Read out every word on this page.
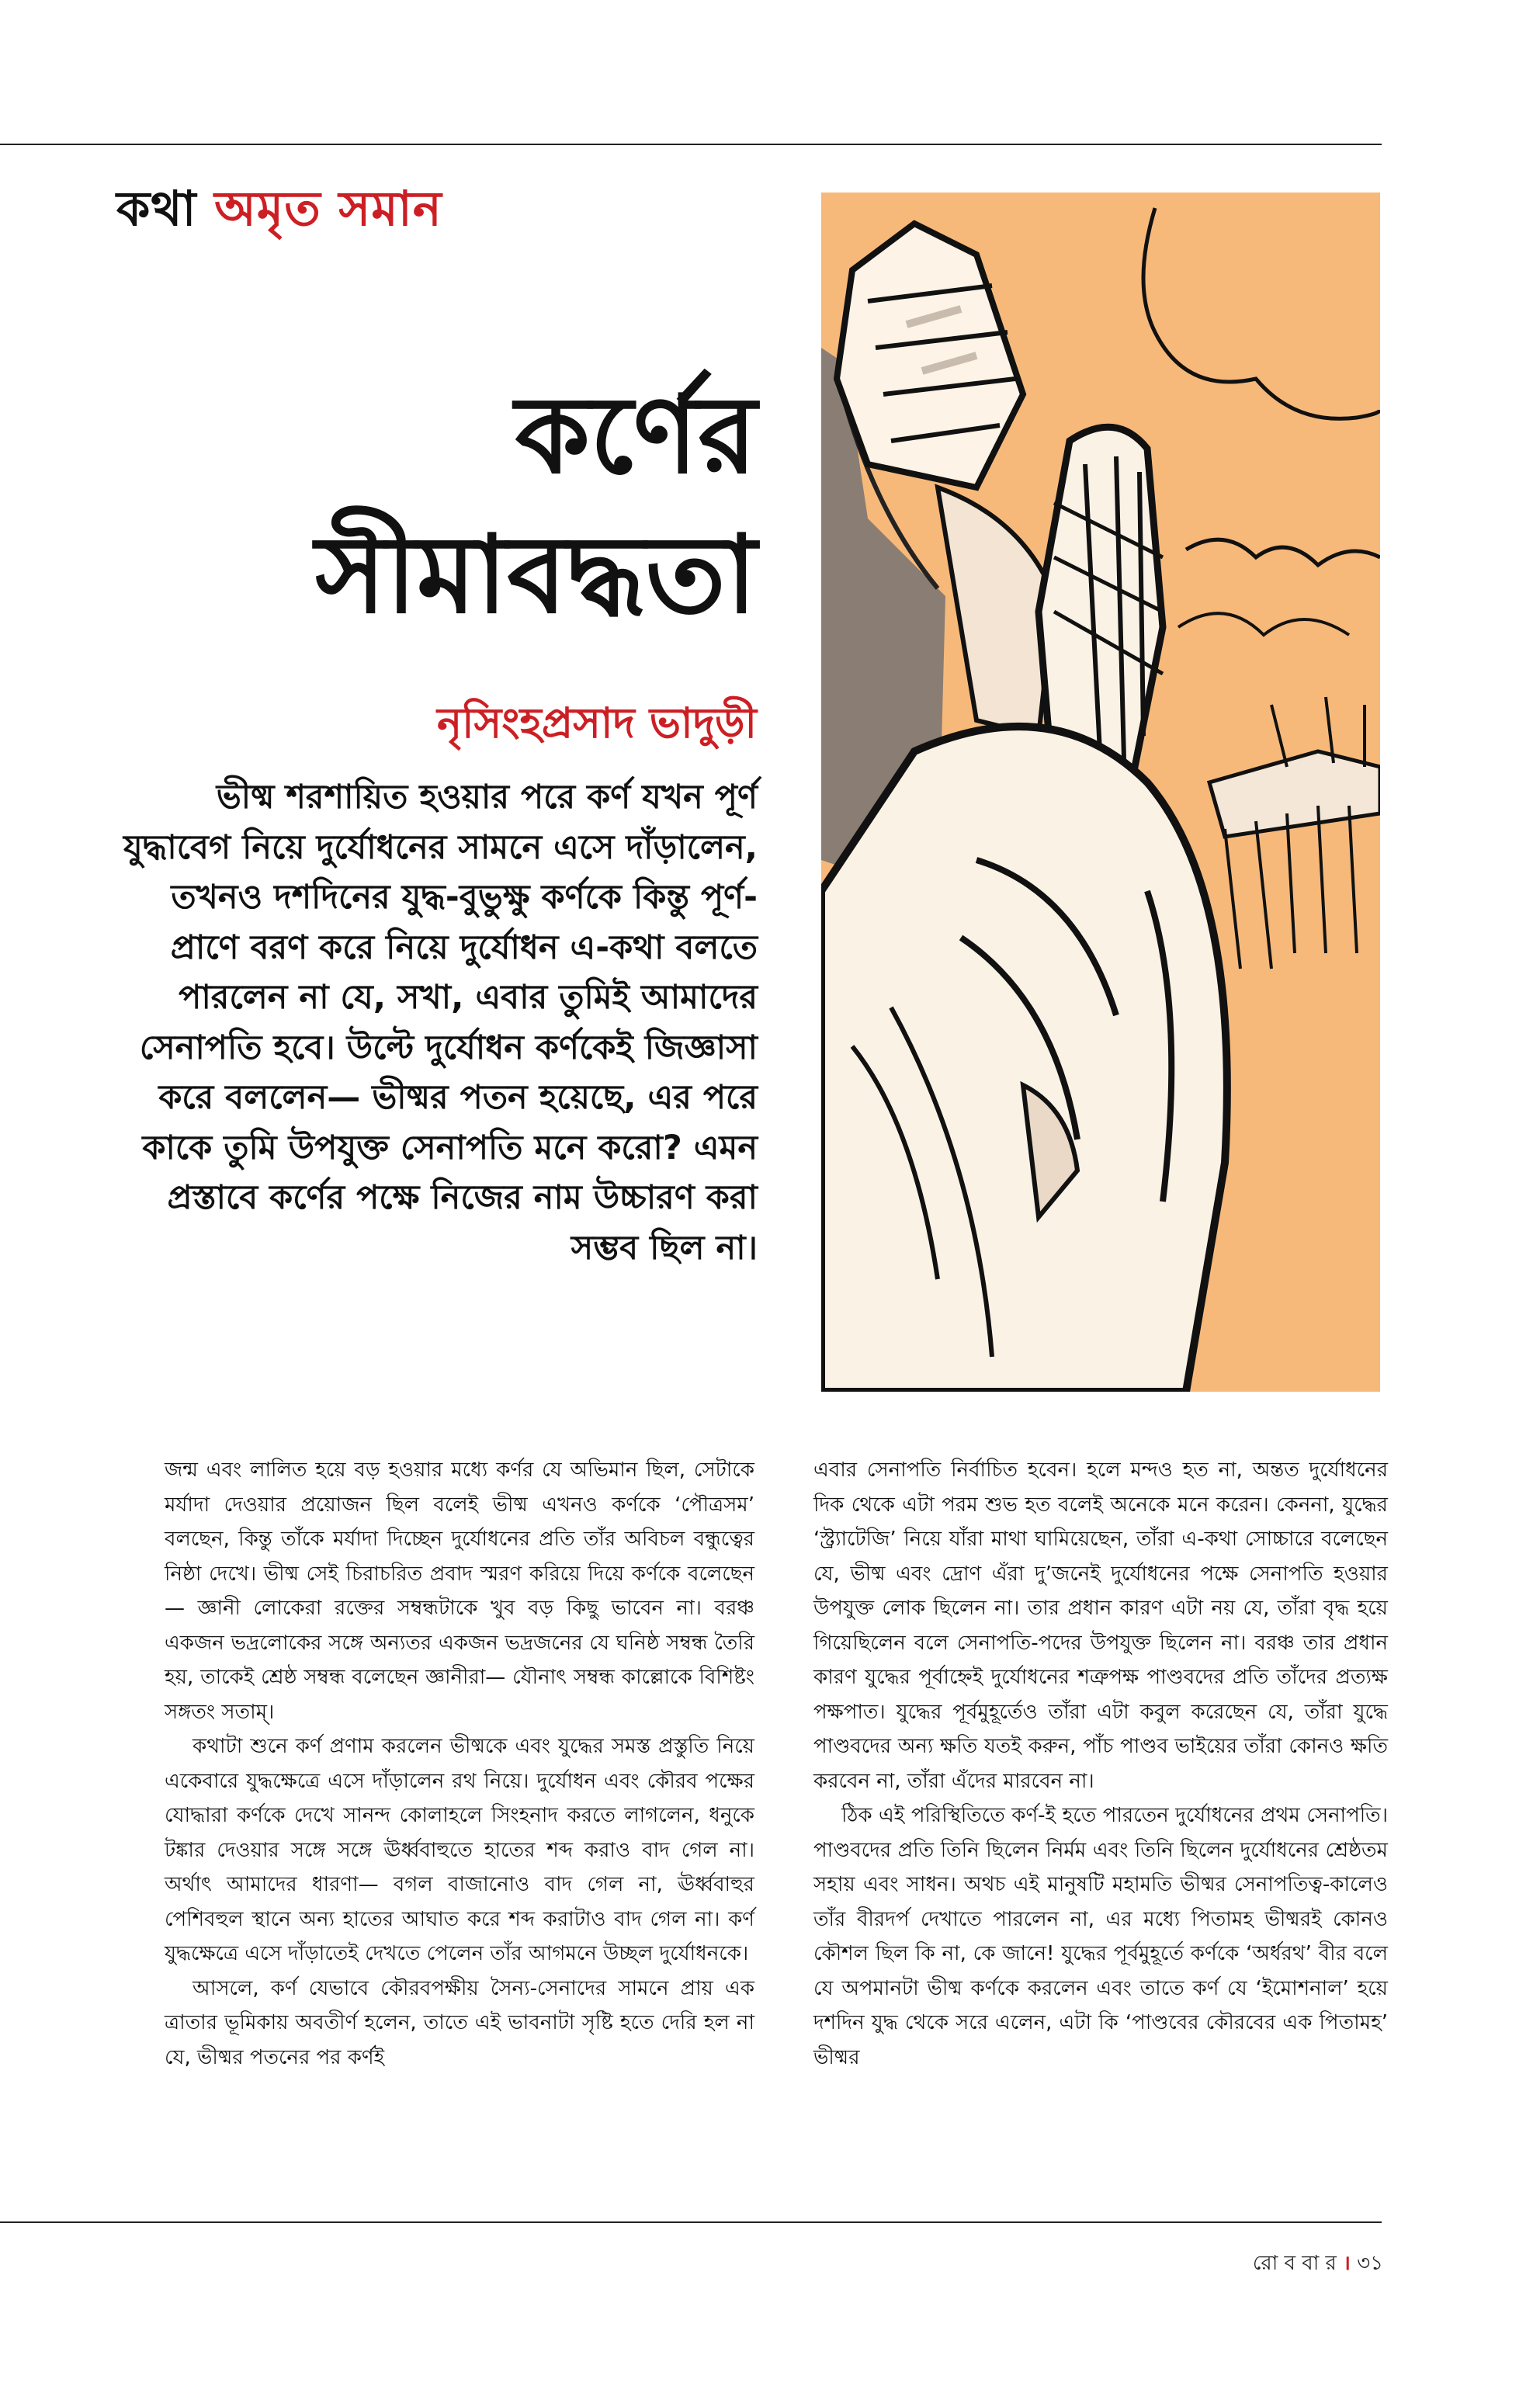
কথা অমৃত সমান
কর্ণের
সীমাবদ্ধতা
নৃসিংহপ্রসাদ ভাদুড়ী
ভীষ্ম শরশায়িত হওয়ার পরে কর্ণ যখন পূর্ণ যুদ্ধাবেগ নিয়ে দুর্যোধনের সামনে এসে দাঁড়ালেন, তখনও দশদিনের যুদ্ধ-বুভুক্ষু কর্ণকে কিন্তু পূর্ণ-প্রাণে বরণ করে নিয়ে দুর্যোধন এ-কথা বলতে পারলেন না যে, সখা, এবার তুমিই আমাদের সেনাপতি হবে। উল্টে দুর্যোধন কর্ণকেই জিজ্ঞাসা করে বললেন— ভীষ্মর পতন হয়েছে, এর পরে কাকে তুমি উপযুক্ত সেনাপতি মনে করো? এমন প্রস্তাবে কর্ণের পক্ষে নিজের নাম উচ্চারণ করা সম্ভব ছিল না।

জন্ম এবং লালিত হয়ে বড় হওয়ার মধ্যে কর্ণর যে অভিমান ছিল, সেটাকে মর্যাদা দেওয়ার প্রয়োজন ছিল বলেই ভীষ্ম এখনও কর্ণকে ‘পৌত্রসম’ বলছেন, কিন্তু তাঁকে মর্যাদা দিচ্ছেন দুর্যোধনের প্রতি তাঁর অবিচল বন্ধুত্বের নিষ্ঠা দেখে। ভীষ্ম সেই চিরাচরিত প্রবাদ স্মরণ করিয়ে দিয়ে কর্ণকে বলেছেন— জ্ঞানী লোকেরা রক্তের সম্বন্ধটাকে খুব বড় কিছু ভাবেন না। বরঞ্চ একজন ভদ্রলোকের সঙ্গে অন্যতর একজন ভদ্রজনের যে ঘনিষ্ঠ সম্বন্ধ তৈরি হয়, তাকেই শ্রেষ্ঠ সম্বন্ধ বলেছেন জ্ঞানীরা— যৌনাৎ সম্বন্ধ কাল্লোকে বিশিষ্টং সঙ্গতং সতাম্।

কথাটা শুনে কর্ণ প্রণাম করলেন ভীষ্মকে এবং যুদ্ধের সমস্ত প্রস্তুতি নিয়ে একেবারে যুদ্ধক্ষেত্রে এসে দাঁড়ালেন রথ নিয়ে। দুর্যোধন এবং কৌরব পক্ষের যোদ্ধারা কর্ণকে দেখে সানন্দ কোলাহলে সিংহনাদ করতে লাগলেন, ধনুকে টঙ্কার দেওয়ার সঙ্গে সঙ্গে ঊর্ধ্ববাহুতে হাতের শব্দ করাও বাদ গেল না। অর্থাৎ আমাদের ধারণা— বগল বাজানোও বাদ গেল না, ঊর্ধ্ববাহুর পেশিবহুল স্থানে অন্য হাতের আঘাত করে শব্দ করাটাও বাদ গেল না। কর্ণ যুদ্ধক্ষেত্রে এসে দাঁড়াতেই দেখতে পেলেন তাঁর আগমনে উচ্ছল দুর্যোধনকে।

আসলে, কর্ণ যেভাবে কৌরবপক্ষীয় সৈন্য-সেনাদের সামনে প্রায় এক ত্রাতার ভূমিকায় অবতীর্ণ হলেন, তাতে এই ভাবনাটা সৃষ্টি হতে দেরি হল না যে, ভীষ্মর পতনের পর কর্ণই

এবার সেনাপতি নির্বাচিত হবেন। হলে মন্দও হত না, অন্তত দুর্যোধনের দিক থেকে এটা পরম শুভ হত বলেই অনেকে মনে করেন। কেননা, যুদ্ধের ‘স্ট্র্যাটেজি’ নিয়ে যাঁরা মাথা ঘামিয়েছেন, তাঁরা এ-কথা সোচ্চারে বলেছেন যে, ভীষ্ম এবং দ্রোণ এঁরা দু’জনেই দুর্যোধনের পক্ষে সেনাপতি হওয়ার উপযুক্ত লোক ছিলেন না। তার প্রধান কারণ এটা নয় যে, তাঁরা বৃদ্ধ হয়ে গিয়েছিলেন বলে সেনাপতি-পদের উপযুক্ত ছিলেন না। বরঞ্চ তার প্রধান কারণ যুদ্ধের পূর্বাহ্নেই দুর্যোধনের শত্রুপক্ষ পাণ্ডবদের প্রতি তাঁদের প্রত্যক্ষ পক্ষপাত। যুদ্ধের পূর্বমুহূর্তেও তাঁরা এটা কবুল করেছেন যে, তাঁরা যুদ্ধে পাণ্ডবদের অন্য ক্ষতি যতই করুন, পাঁচ পাণ্ডব ভাইয়ের তাঁরা কোনও ক্ষতি করবেন না, তাঁরা এঁদের মারবেন না।

ঠিক এই পরিস্থিতিতে কর্ণ-ই হতে পারতেন দুর্যোধনের প্রথম সেনাপতি। পাণ্ডবদের প্রতি তিনি ছিলেন নির্মম এবং তিনি ছিলেন দুর্যোধনের শ্রেষ্ঠতম সহায় এবং সাধন। অথচ এই মানুষটি মহামতি ভীষ্মর সেনাপতিত্ব-কালেও তাঁর বীরদর্প দেখাতে পারলেন না, এর মধ্যে পিতামহ ভীষ্মরই কোনও কৌশল ছিল কি না, কে জানে! যুদ্ধের পূর্বমুহূর্তে কর্ণকে ‘অর্ধরথ’ বীর বলে যে অপমানটা ভীষ্ম কর্ণকে করলেন এবং তাতে কর্ণ যে ‘ইমোশনাল’ হয়ে দশদিন যুদ্ধ থেকে সরে এলেন, এটা কি ‘পাণ্ডবের কৌরবের এক পিতামহ’ ভীষ্মর

রো ব বা র । ৩১
